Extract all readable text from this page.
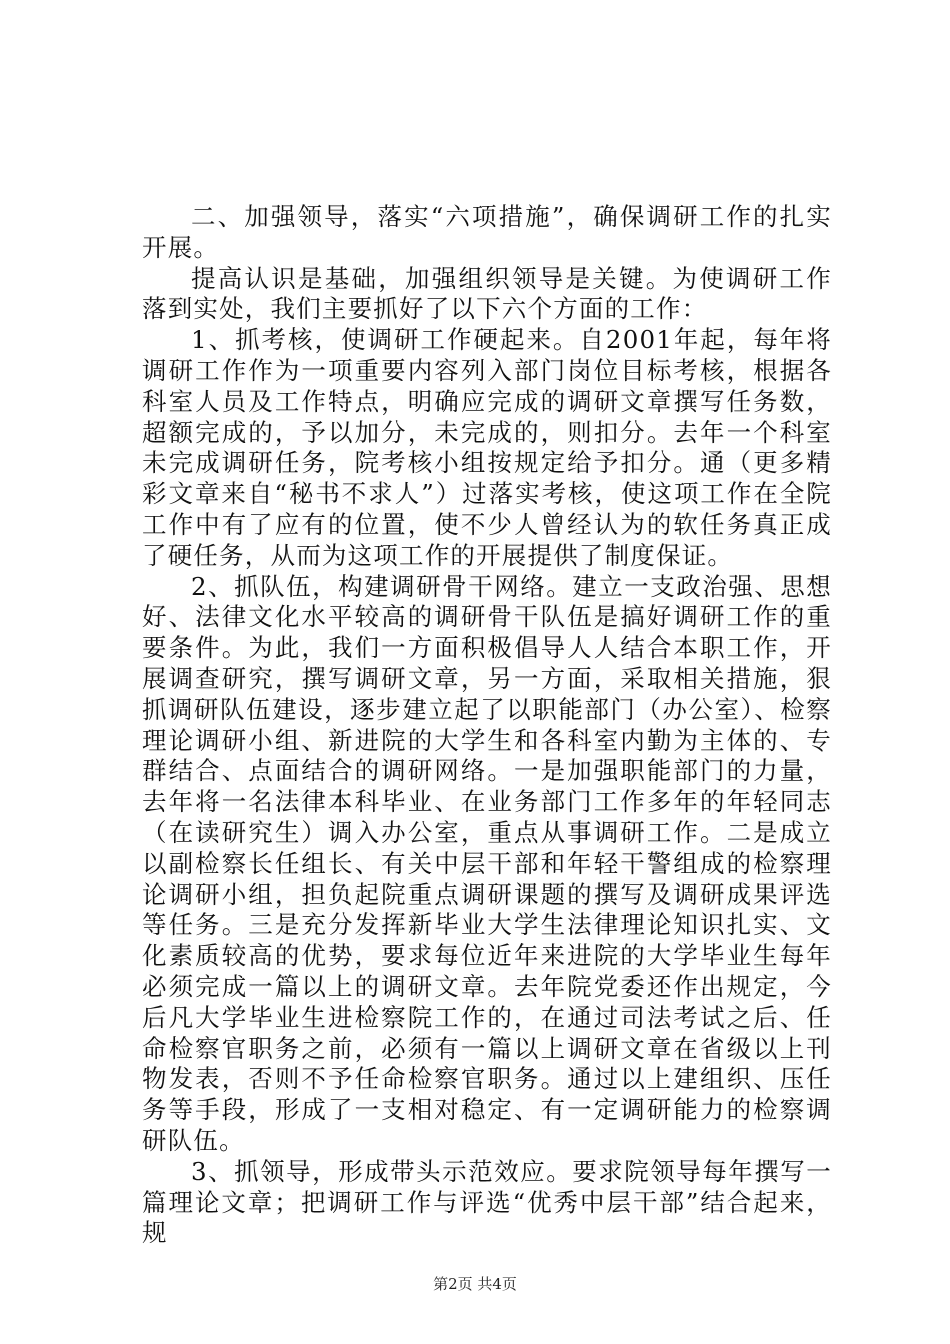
二、加强领导，落实“六项措施”，确保调研工作的扎实开展。

提高认识是基础，加强组织领导是关键。为使调研工作落到实处，我们主要抓好了以下六个方面的工作：

1、抓考核，使调研工作硬起来。自2001年起，每年将调研工作作为一项重要内容列入部门岗位目标考核，根据各科室人员及工作特点，明确应完成的调研文章撰写任务数，超额完成的，予以加分，未完成的，则扣分。去年一个科室未完成调研任务，院考核小组按规定给予扣分。通（更多精彩文章来自“秘书不求人”）过落实考核，使这项工作在全院工作中有了应有的位置，使不少人曾经认为的软任务真正成了硬任务，从而为这项工作的开展提供了制度保证。

2、抓队伍，构建调研骨干网络。建立一支政治强、思想好、法律文化水平较高的调研骨干队伍是搞好调研工作的重要条件。为此，我们一方面积极倡导人人结合本职工作，开展调查研究，撰写调研文章，另一方面，采取相关措施，狠抓调研队伍建设，逐步建立起了以职能部门（办公室）、检察理论调研小组、新进院的大学生和各科室内勤为主体的、专群结合、点面结合的调研网络。一是加强职能部门的力量，去年将一名法律本科毕业、在业务部门工作多年的年轻同志（在读研究生）调入办公室，重点从事调研工作。二是成立以副检察长任组长、有关中层干部和年轻干警组成的检察理论调研小组，担负起院重点调研课题的撰写及调研成果评选等任务。三是充分发挥新毕业大学生法律理论知识扎实、文化素质较高的优势，要求每位近年来进院的大学毕业生每年必须完成一篇以上的调研文章。去年院党委还作出规定，今后凡大学毕业生进检察院工作的，在通过司法考试之后、任命检察官职务之前，必须有一篇以上调研文章在省级以上刊物发表，否则不予任命检察官职务。通过以上建组织、压任务等手段，形成了一支相对稳定、有一定调研能力的检察调研队伍。

3、抓领导，形成带头示范效应。要求院领导每年撰写一篇理论文章；把调研工作与评选“优秀中层干部”结合起来，规

第2页 共4页
